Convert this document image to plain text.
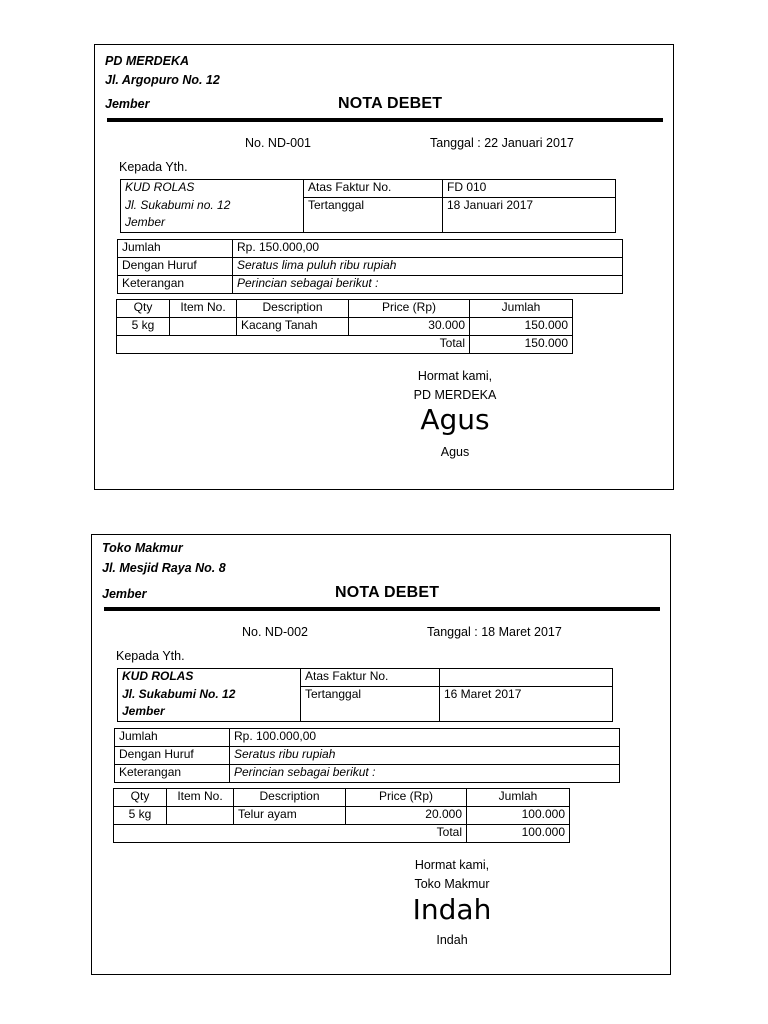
PD MERDEKA
Jl. Argopuro No. 12
Jember	NOTA DEBET
No. ND-001	Tanggal : 22 Januari 2017
Kepada Yth.
KUD ROLAS	Atas Faktur No.	FD 010
Jl. Sukabumi no. 12	Tertanggal	18 Januari 2017
Jember		
Jumlah	Rp. 150.000,00
Dengan Huruf	Seratus lima puluh ribu rupiah
Keterangan	Perincian sebagai berikut :
Qty	Item No.	Description	Price (Rp)	Jumlah
5 kg		Kacang Tanah	30.000	150.000
Total				150.000
Hormat kami,
PD MERDEKA
Agus
Agus
Toko Makmur
Jl. Mesjid Raya No. 8
Jember	NOTA DEBET
No. ND-002	Tanggal : 18 Maret 2017
Kepada Yth.
KUD ROLAS	Atas Faktur No.	
Jl. Sukabumi No. 12	Tertanggal	16 Maret 2017
Jember		
Jumlah	Rp. 100.000,00
Dengan Huruf	Seratus ribu rupiah
Keterangan	Perincian sebagai berikut :
Qty	Item No.	Description	Price (Rp)	Jumlah
5 kg		Telur ayam	20.000	100.000
Total				100.000
Hormat kami,
Toko Makmur
Indah
Indah
